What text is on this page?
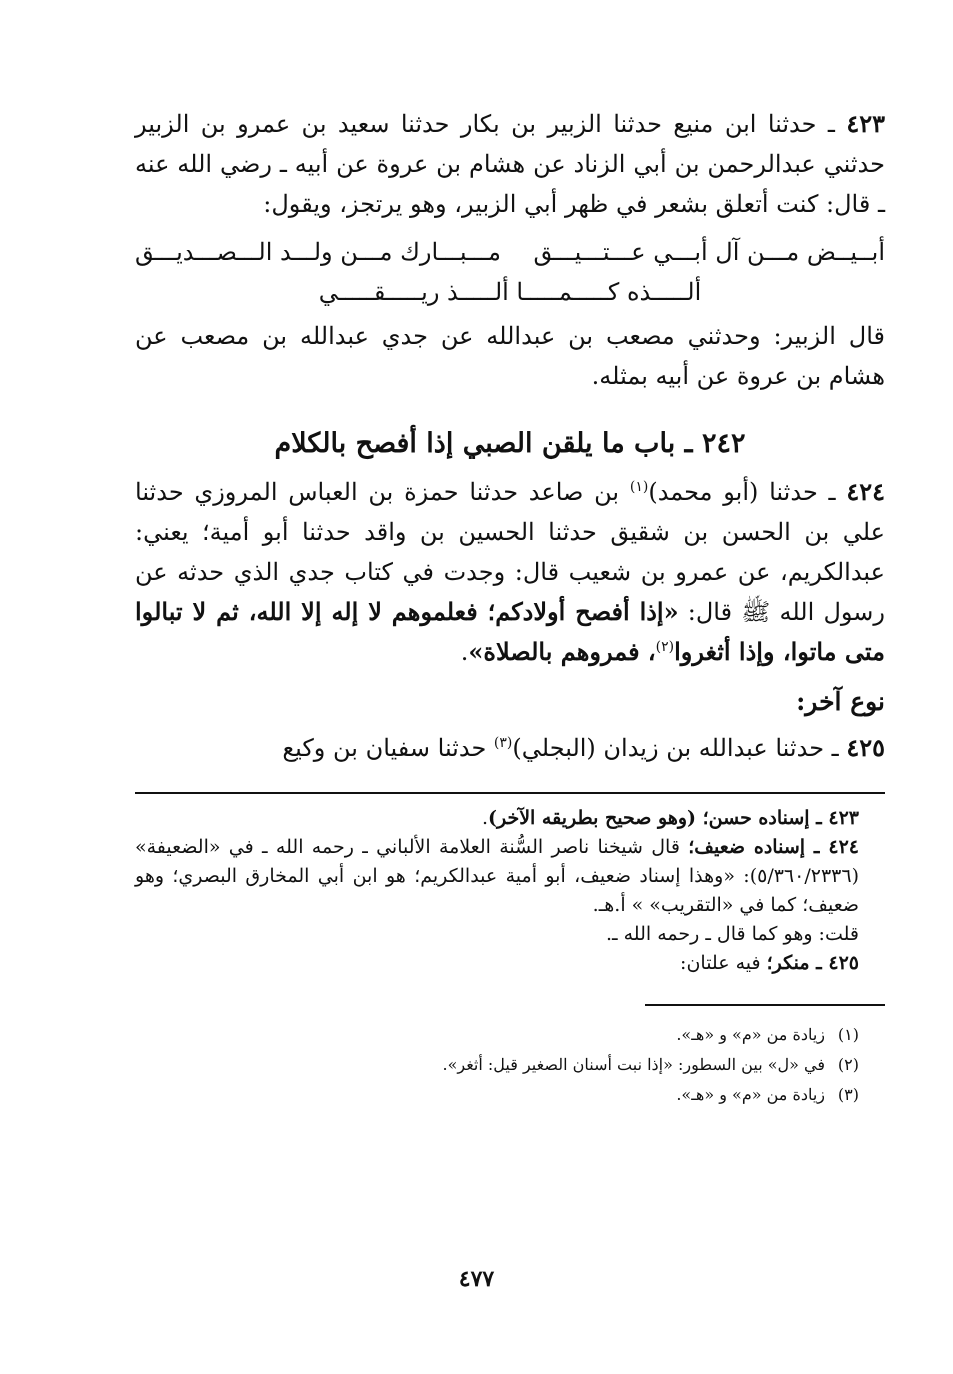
٤٢٣ ـ حدثنا ابن منيع حدثنا الزبير بن بكار حدثنا سعيد بن عمرو بن الزبير حدثني عبدالرحمن بن أبي الزناد عن هشام بن عروة عن أبيه ـ رضي الله عنه ـ قال: كنت أتعلق بشعر في ظهر أبي الزبير، وهو يرتجز، ويقول:

أبــيــض مـــن آل أبـــي عـــتـــيـــق
مـــبـــارك مـــن ولـــد الـــصـــديـــق
ألـــــذه كـــــمـــــا ألـــــذ ريـــــقـــــي

قال الزبير: وحدثني مصعب بن عبدالله عن جدي عبدالله بن مصعب عن هشام بن عروة عن أبيه بمثله.

٢٤٢ ـ باب ما يلقن الصبي إذا أفصح بالكلام

٤٢٤ ـ حدثنا (أبو محمد)$^{(١)}$ بن صاعد حدثنا حمزة بن العباس المروزي حدثنا علي بن الحسن بن شقيق حدثنا الحسين بن واقد حدثنا أبو أمية؛ يعني: عبدالكريم، عن عمرو بن شعيب قال: وجدت في كتاب جدي الذي حدثه عن رسول الله ﷺ قال: «إذا أفصح أولادكم؛ فعلموهم لا إله إلا الله، ثم لا تبالوا متى ماتوا، وإذا أثغروا$^{(٢)}$، فمروهم بالصلاة».

نوع آخر:

٤٢٥ ـ حدثنا عبدالله بن زيدان (البجلي)$^{(٣)}$ حدثنا سفيان بن وكيع

٤٢٣ ـ إسناده حسن؛ (وهو صحيح بطريقه الآخر).

٤٢٤ ـ إسناده ضعيف؛ قال شيخنا ناصر السُّنة العلامة الألباني ـ رحمه الله ـ في «الضعيفة» (٥/٣٦٠/٢٣٣٦): «وهذا إسناد ضعيف، أبو أمية عبدالكريم؛ هو ابن أبي المخارق البصري؛ وهو ضعيف؛ كما في «التقريب» » أ.هـ.

قلت: وهو كما قال ـ رحمه الله ـ.

٤٢٥ ـ منكر؛ فيه علتان:

(١)زيادة من «م» و «هـ».

(٢)في «ل» بين السطور: «إذا نبت أسنان الصغير قيل: أثغر».

(٣)زيادة من «م» و «هـ».

٤٧٧
